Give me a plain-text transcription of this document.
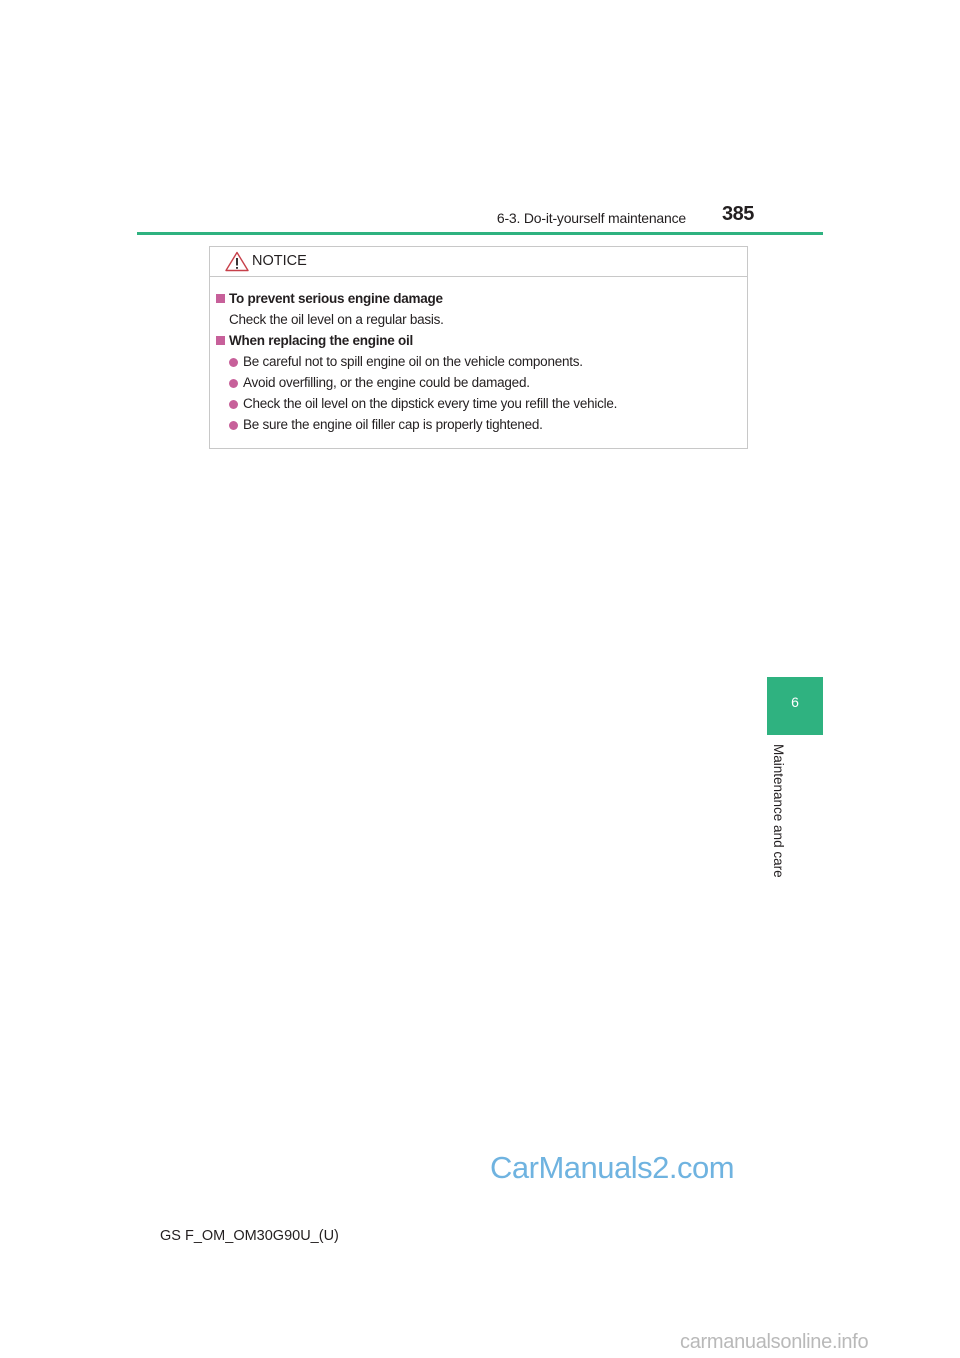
6-3. Do-it-yourself maintenance 385
NOTICE
To prevent serious engine damage
Check the oil level on a regular basis.
When replacing the engine oil
Be careful not to spill engine oil on the vehicle components.
Avoid overfilling, or the engine could be damaged.
Check the oil level on the dipstick every time you refill the vehicle.
Be sure the engine oil filler cap is properly tightened.
6
Maintenance and care
CarManuals2.com
GS F_OM_OM30G90U_(U)
carmanualsonline.info
